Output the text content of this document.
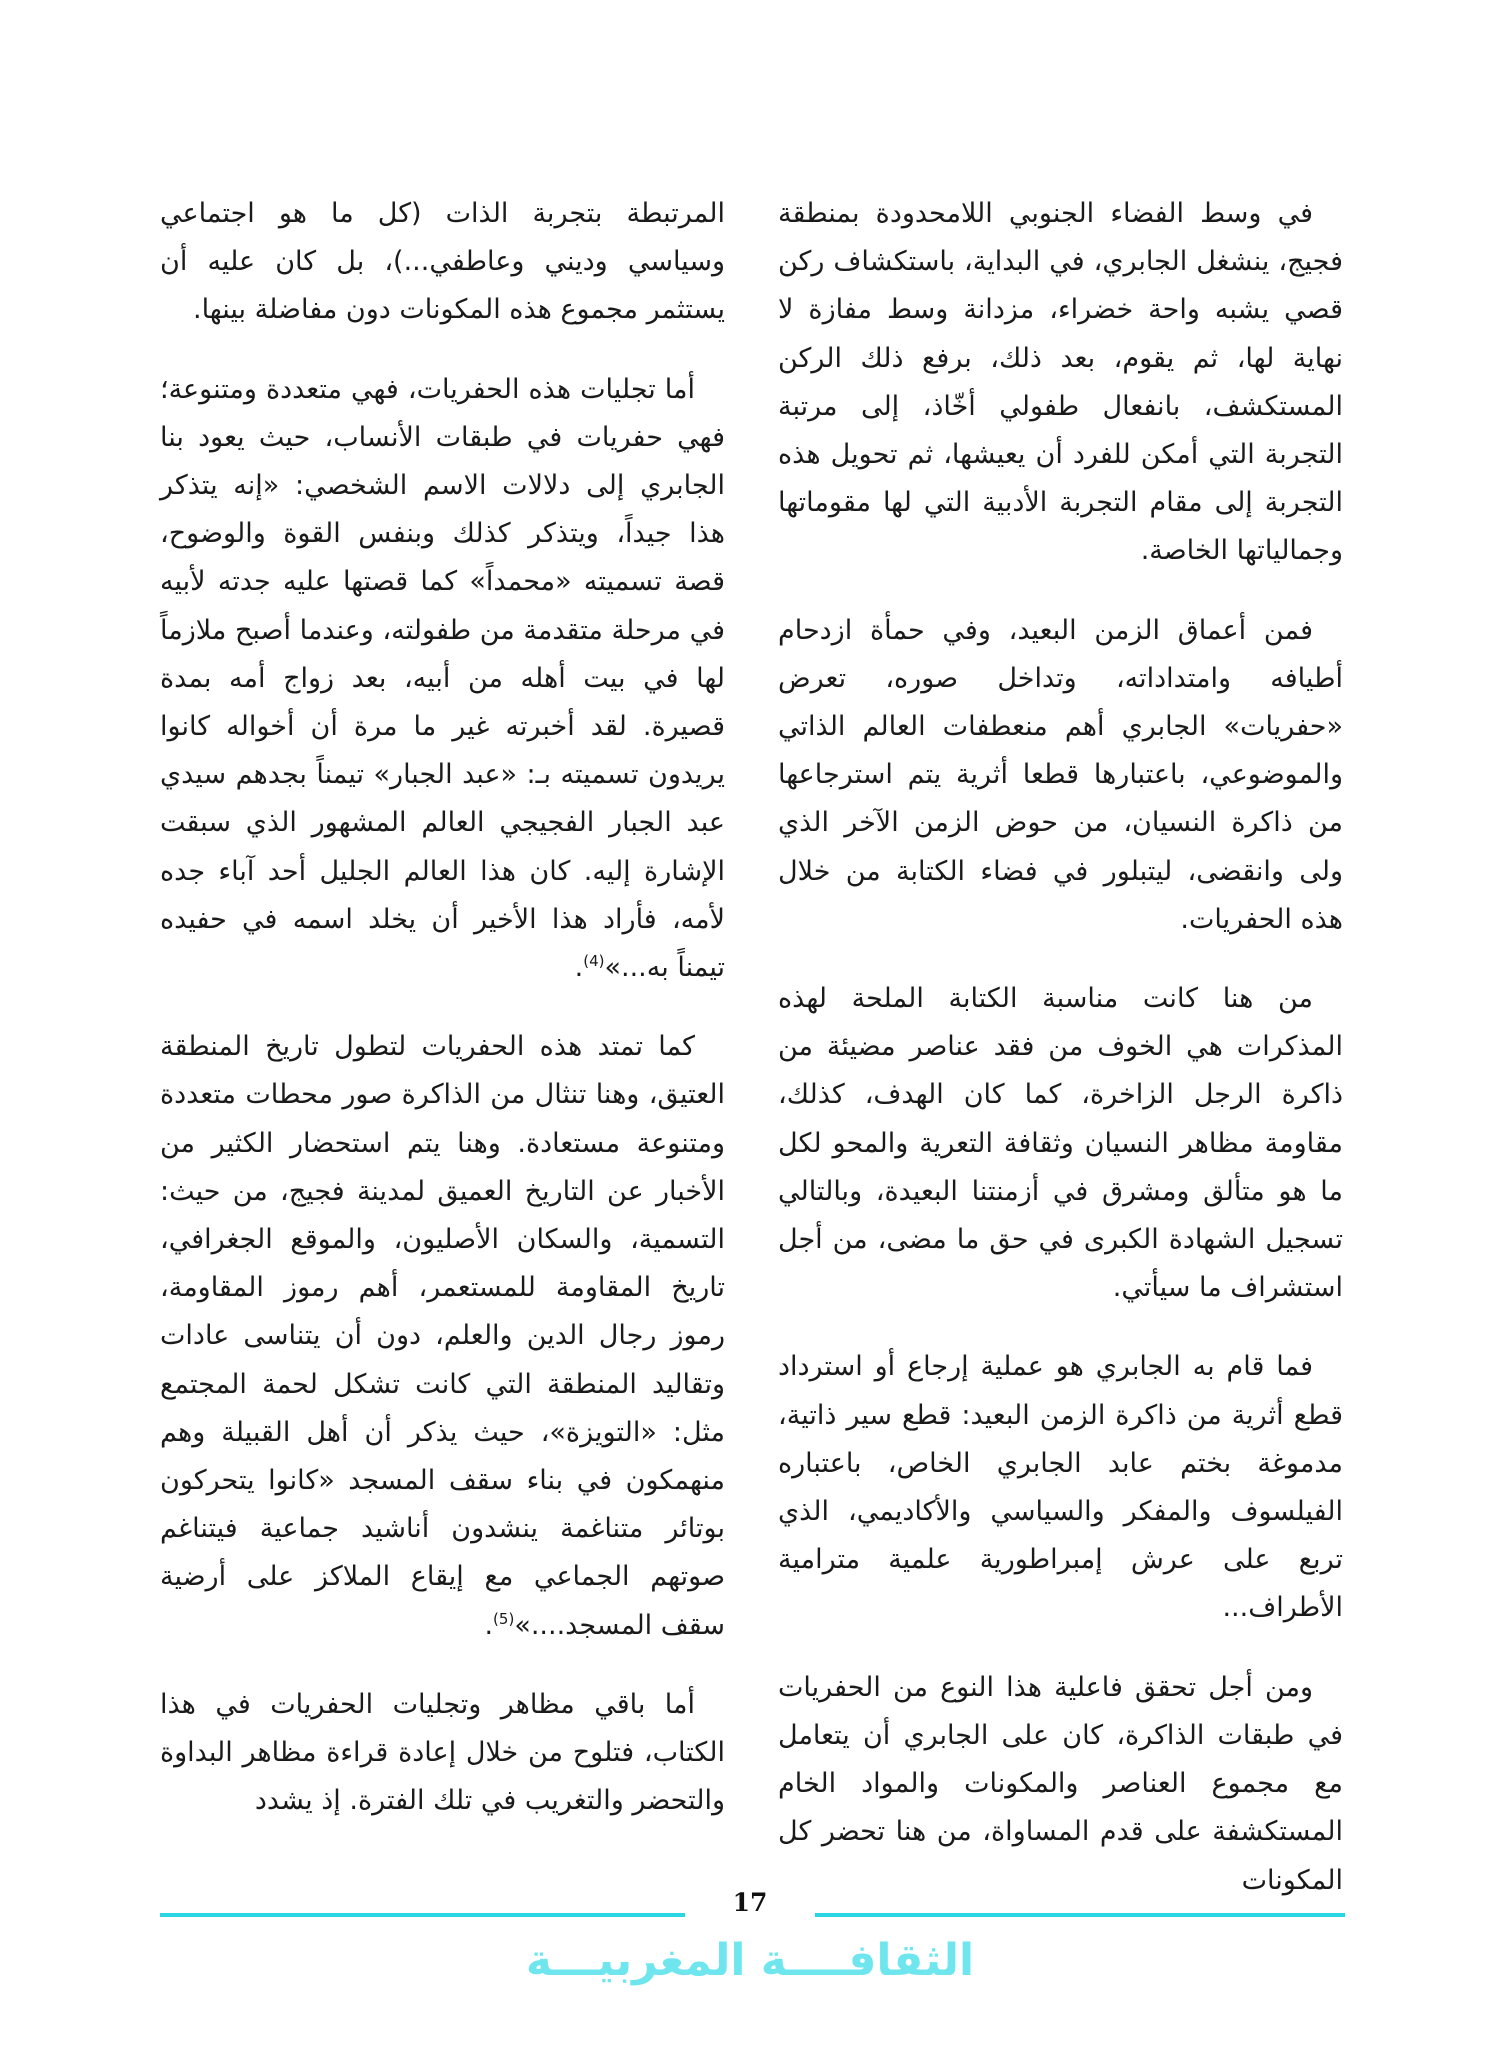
في وسط الفضاء الجنوبي اللامحدودة بمنطقة فجيج، ينشغل الجابري، في البداية، باستكشاف ركن قصي يشبه واحة خضراء، مزدانة وسط مفازة لا نهاية لها، ثم يقوم، بعد ذلك، برفع ذلك الركن المستكشف، بانفعال طفولي أخّاذ، إلى مرتبة التجربة التي أمكن للفرد أن يعيشها، ثم تحويل هذه التجربة إلى مقام التجربة الأدبية التي لها مقوماتها وجمالياتها الخاصة.

فمن أعماق الزمن البعيد، وفي حمأة ازدحام أطيافه وامتداداته، وتداخل صوره، تعرض «حفريات» الجابري أهم منعطفات العالم الذاتي والموضوعي، باعتبارها قطعا أثرية يتم استرجاعها من ذاكرة النسيان، من حوض الزمن الآخر الذي ولى وانقضى، ليتبلور في فضاء الكتابة من خلال هذه الحفريات.

من هنا كانت مناسبة الكتابة الملحة لهذه المذكرات هي الخوف من فقد عناصر مضيئة من ذاكرة الرجل الزاخرة، كما كان الهدف، كذلك، مقاومة مظاهر النسيان وثقافة التعرية والمحو لكل ما هو متألق ومشرق في أزمنتنا البعيدة، وبالتالي تسجيل الشهادة الكبرى في حق ما مضى، من أجل استشراف ما سيأتي.

فما قام به الجابري هو عملية إرجاع أو استرداد قطع أثرية من ذاكرة الزمن البعيد: قطع سير ذاتية، مدموغة بختم عابد الجابري الخاص، باعتباره الفيلسوف والمفكر والسياسي والأكاديمي، الذي تربع على عرش إمبراطورية علمية مترامية الأطراف...

ومن أجل تحقق فاعلية هذا النوع من الحفريات في طبقات الذاكرة، كان على الجابري أن يتعامل مع مجموع العناصر والمكونات والمواد الخام المستكشفة على قدم المساواة، من هنا تحضر كل المكونات

المرتبطة بتجربة الذات (كل ما هو اجتماعي وسياسي وديني وعاطفي...)، بل كان عليه أن يستثمر مجموع هذه المكونات دون مفاضلة بينها.

أما تجليات هذه الحفريات، فهي متعددة ومتنوعة؛ فهي حفريات في طبقات الأنساب، حيث يعود بنا الجابري إلى دلالات الاسم الشخصي: «إنه يتذكر هذا جيداً، ويتذكر كذلك وبنفس القوة والوضوح، قصة تسميته «محمداً» كما قصتها عليه جدته لأبيه في مرحلة متقدمة من طفولته، وعندما أصبح ملازماً لها في بيت أهله من أبيه، بعد زواج أمه بمدة قصيرة. لقد أخبرته غير ما مرة أن أخواله كانوا يريدون تسميته بـ: «عبد الجبار» تيمناً بجدهم سيدي عبد الجبار الفجيجي العالم المشهور الذي سبقت الإشارة إليه. كان هذا العالم الجليل أحد آباء جده لأمه، فأراد هذا الأخير أن يخلد اسمه في حفيده تيمناً به...»$^{(4)}$.

كما تمتد هذه الحفريات لتطول تاريخ المنطقة العتيق، وهنا تنثال من الذاكرة صور محطات متعددة ومتنوعة مستعادة. وهنا يتم استحضار الكثير من الأخبار عن التاريخ العميق لمدينة فجيج، من حيث: التسمية، والسكان الأصليون، والموقع الجغرافي، تاريخ المقاومة للمستعمر، أهم رموز المقاومة، رموز رجال الدين والعلم، دون أن يتناسى عادات وتقاليد المنطقة التي كانت تشكل لحمة المجتمع مثل: «التويزة»، حيث يذكر أن أهل القبيلة وهم منهمكون في بناء سقف المسجد «كانوا يتحركون بوتائر متناغمة ينشدون أناشيد جماعية فيتناغم صوتهم الجماعي مع إيقاع الملاكز على أرضية سقف المسجد....»$^{(5)}$.

أما باقي مظاهر وتجليات الحفريات في هذا الكتاب، فتلوح من خلال إعادة قراءة مظاهر البداوة والتحضر والتغريب في تلك الفترة. إذ يشدد

17
الثقافــــة المغربيـــة
